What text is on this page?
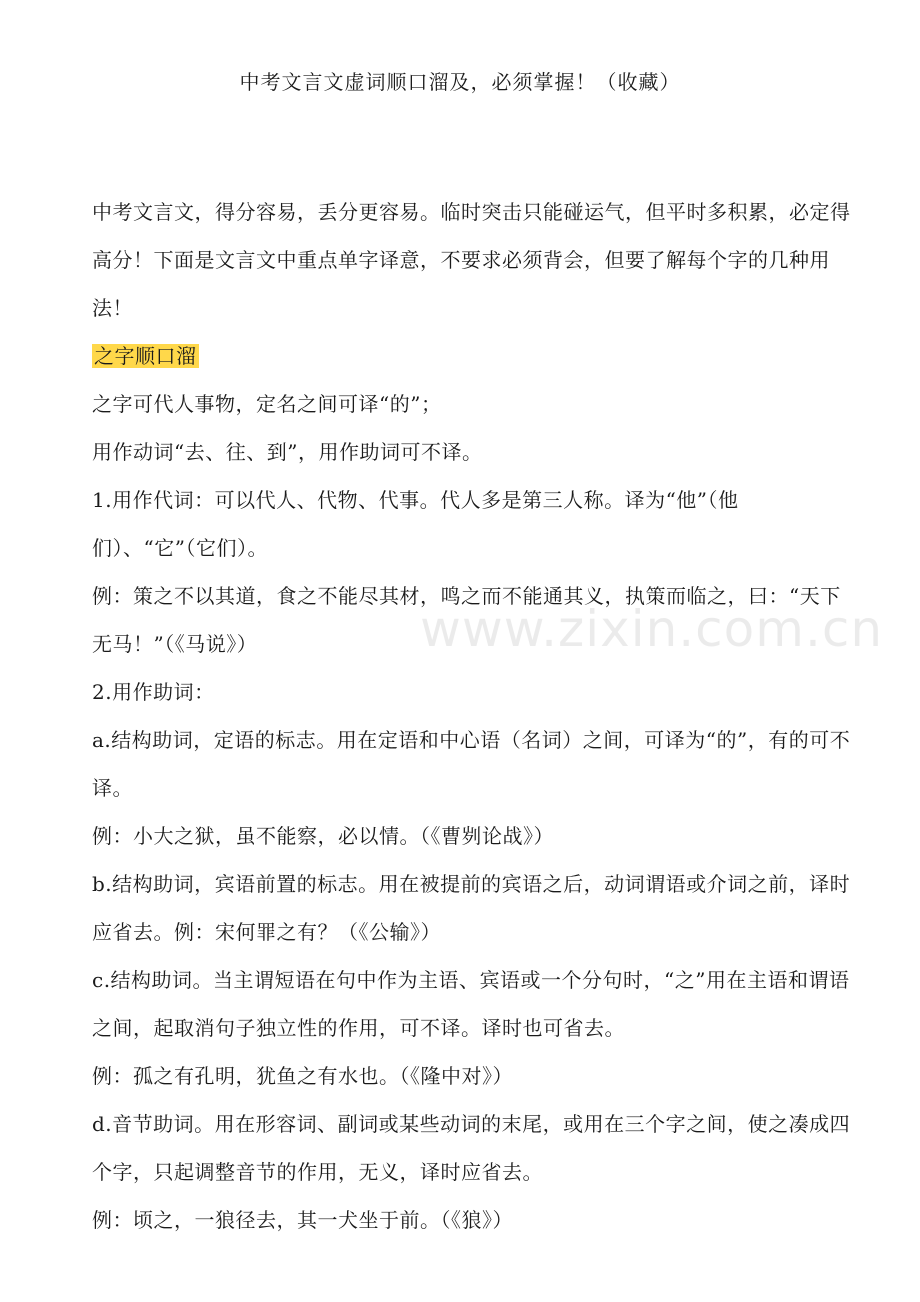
中考文言文虚词顺口溜及，必须掌握！（收藏）

中考文言文，得分容易，丢分更容易。临时突击只能碰运气，但平时多积累，必定得高分！下面是文言文中重点单字译意，不要求必须背会，但要了解每个字的几种用法！

之字顺口溜

之字可代人事物，定名之间可译“的”；

用作动词“去、往、到”，用作助词可不译。

1.用作代词：可以代人、代物、代事。代人多是第三人称。译为“他”（他们）、“它”（它们）。

例：策之不以其道，食之不能尽其材，鸣之而不能通其义，执策而临之，曰：“天下无马！”（《马说》）

2.用作助词：

a.结构助词，定语的标志。用在定语和中心语（名词）之间，可译为“的”，有的可不译。

例：小大之狱，虽不能察，必以情。（《曹刿论战》）

b.结构助词，宾语前置的标志。用在被提前的宾语之后，动词谓语或介词之前，译时应省去。例：宋何罪之有？（《公输》）

c.结构助词。当主谓短语在句中作为主语、宾语或一个分句时，“之”用在主语和谓语之间，起取消句子独立性的作用，可不译。译时也可省去。

例：孤之有孔明，犹鱼之有水也。（《隆中对》）

d.音节助词。用在形容词、副词或某些动词的末尾，或用在三个字之间，使之凑成四个字，只起调整音节的作用，无义，译时应省去。

例：顷之，一狼径去，其一犬坐于前。（《狼》）

www.zixin.com.cn
